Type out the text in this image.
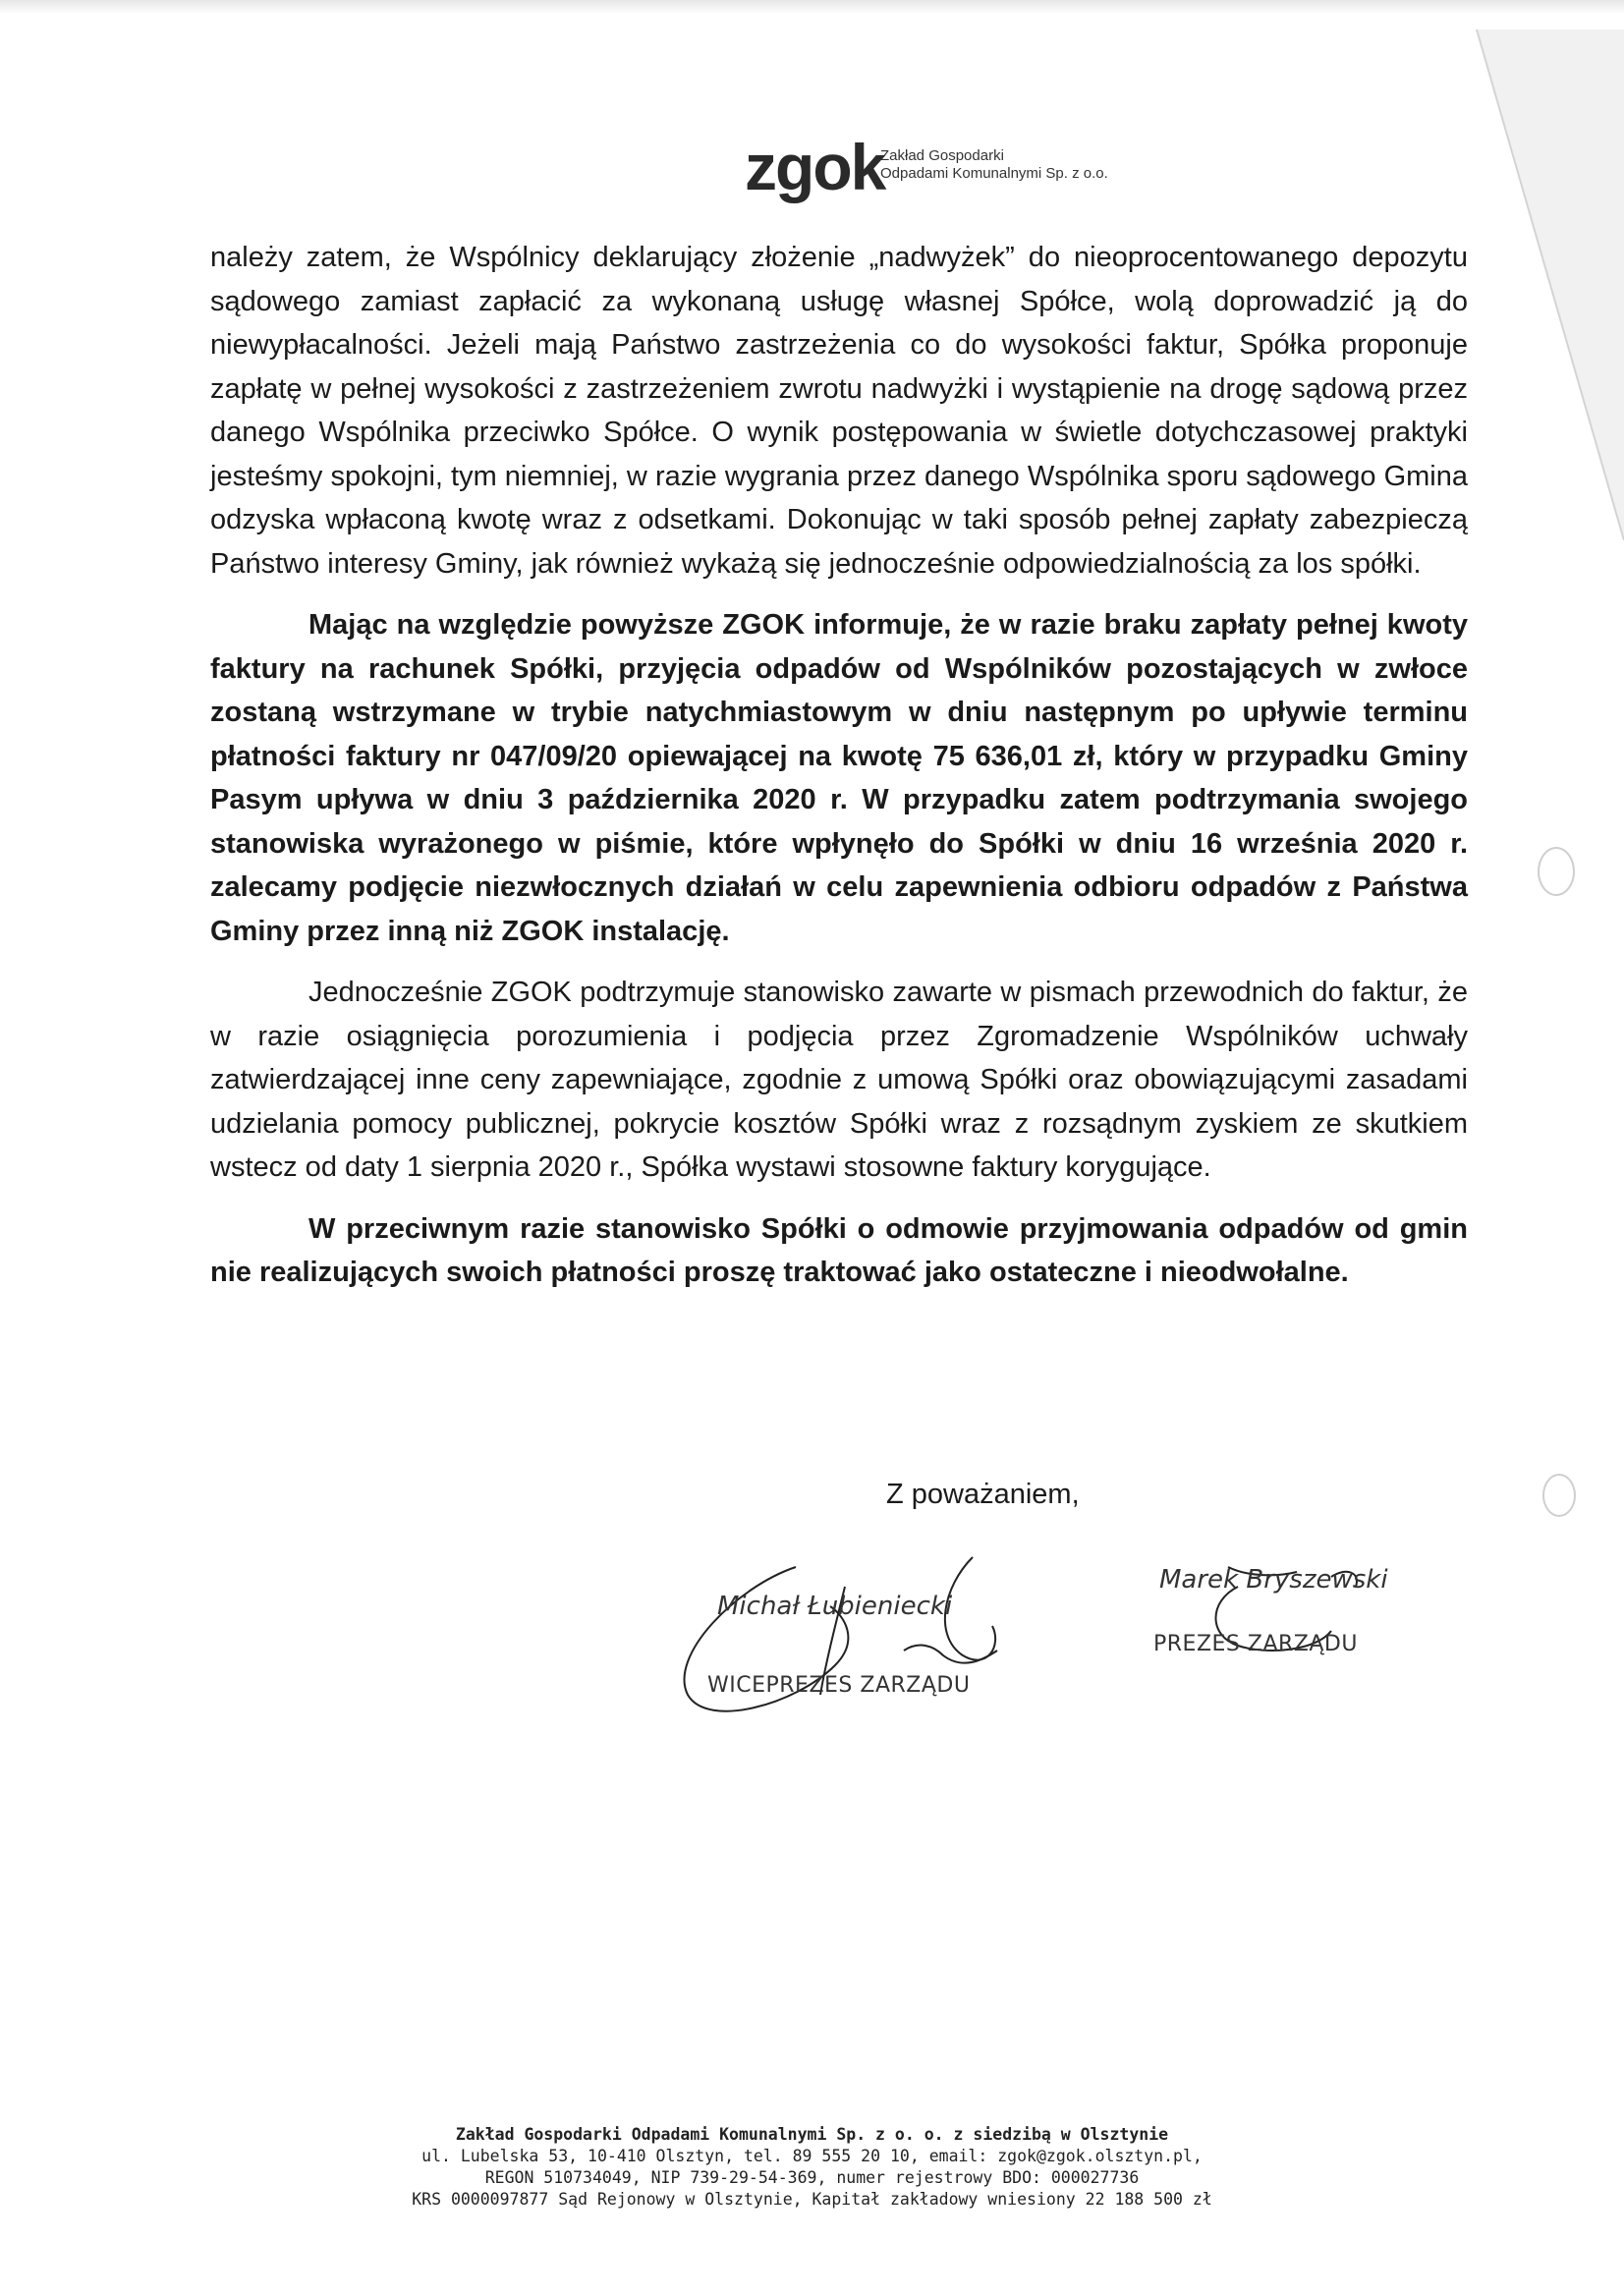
zgok
Zakład Gospodarki
Odpadami Komunalnymi Sp. z o.o.

należy zatem, że Wspólnicy deklarujący złożenie „nadwyżek” do nieoprocentowanego depozytu sądowego zamiast zapłacić za wykonaną usługę własnej Spółce, wolą doprowadzić ją do niewypłacalności. Jeżeli mają Państwo zastrzeżenia co do wysokości faktur, Spółka proponuje zapłatę w pełnej wysokości z zastrzeżeniem zwrotu nadwyżki i wystąpienie na drogę sądową przez danego Wspólnika przeciwko Spółce. O wynik postępowania w świetle dotychczasowej praktyki jesteśmy spokojni, tym niemniej, w razie wygrania przez danego Wspólnika sporu sądowego Gmina odzyska wpłaconą kwotę wraz z odsetkami. Dokonując w taki sposób pełnej zapłaty zabezpieczą Państwo interesy Gminy, jak również wykażą się jednocześnie odpowiedzialnością za los spółki.

Mając na względzie powyższe ZGOK informuje, że w razie braku zapłaty pełnej kwoty faktury na rachunek Spółki, przyjęcia odpadów od Wspólników pozostających w zwłoce zostaną wstrzymane w trybie natychmiastowym w dniu następnym po upływie terminu płatności faktury nr 047/09/20 opiewającej na kwotę 75 636,01 zł, który w przypadku Gminy Pasym upływa w dniu 3 października 2020 r. W przypadku zatem podtrzymania swojego stanowiska wyrażonego w piśmie, które wpłynęło do Spółki w dniu 16 września 2020 r. zalecamy podjęcie niezwłocznych działań w celu zapewnienia odbioru odpadów z Państwa Gminy przez inną niż ZGOK instalację.

Jednocześnie ZGOK podtrzymuje stanowisko zawarte w pismach przewodnich do faktur, że w razie osiągnięcia porozumienia i podjęcia przez Zgromadzenie Wspólników uchwały zatwierdzającej inne ceny zapewniające, zgodnie z umową Spółki oraz obowiązującymi zasadami udzielania pomocy publicznej, pokrycie kosztów Spółki wraz z rozsądnym zyskiem ze skutkiem wstecz od daty 1 sierpnia 2020 r., Spółka wystawi stosowne faktury korygujące.

W przeciwnym razie stanowisko Spółki o odmowie przyjmowania odpadów od gmin nie realizujących swoich płatności proszę traktować jako ostateczne i nieodwołalne.

Z poważaniem,
Michał Łubieniecki
WICEPREZES ZARZĄDU
Marek Bryszewski
PREZES ZARZĄDU
Zakład Gospodarki Odpadami Komunalnymi Sp. z o. o. z siedzibą w Olsztynie
ul. Lubelska 53, 10-410 Olsztyn, tel. 89 555 20 10, email: zgok@zgok.olsztyn.pl,
REGON 510734049, NIP 739-29-54-369, numer rejestrowy BDO: 000027736
KRS 0000097877 Sąd Rejonowy w Olsztynie, Kapitał zakładowy wniesiony 22 188 500 zł
